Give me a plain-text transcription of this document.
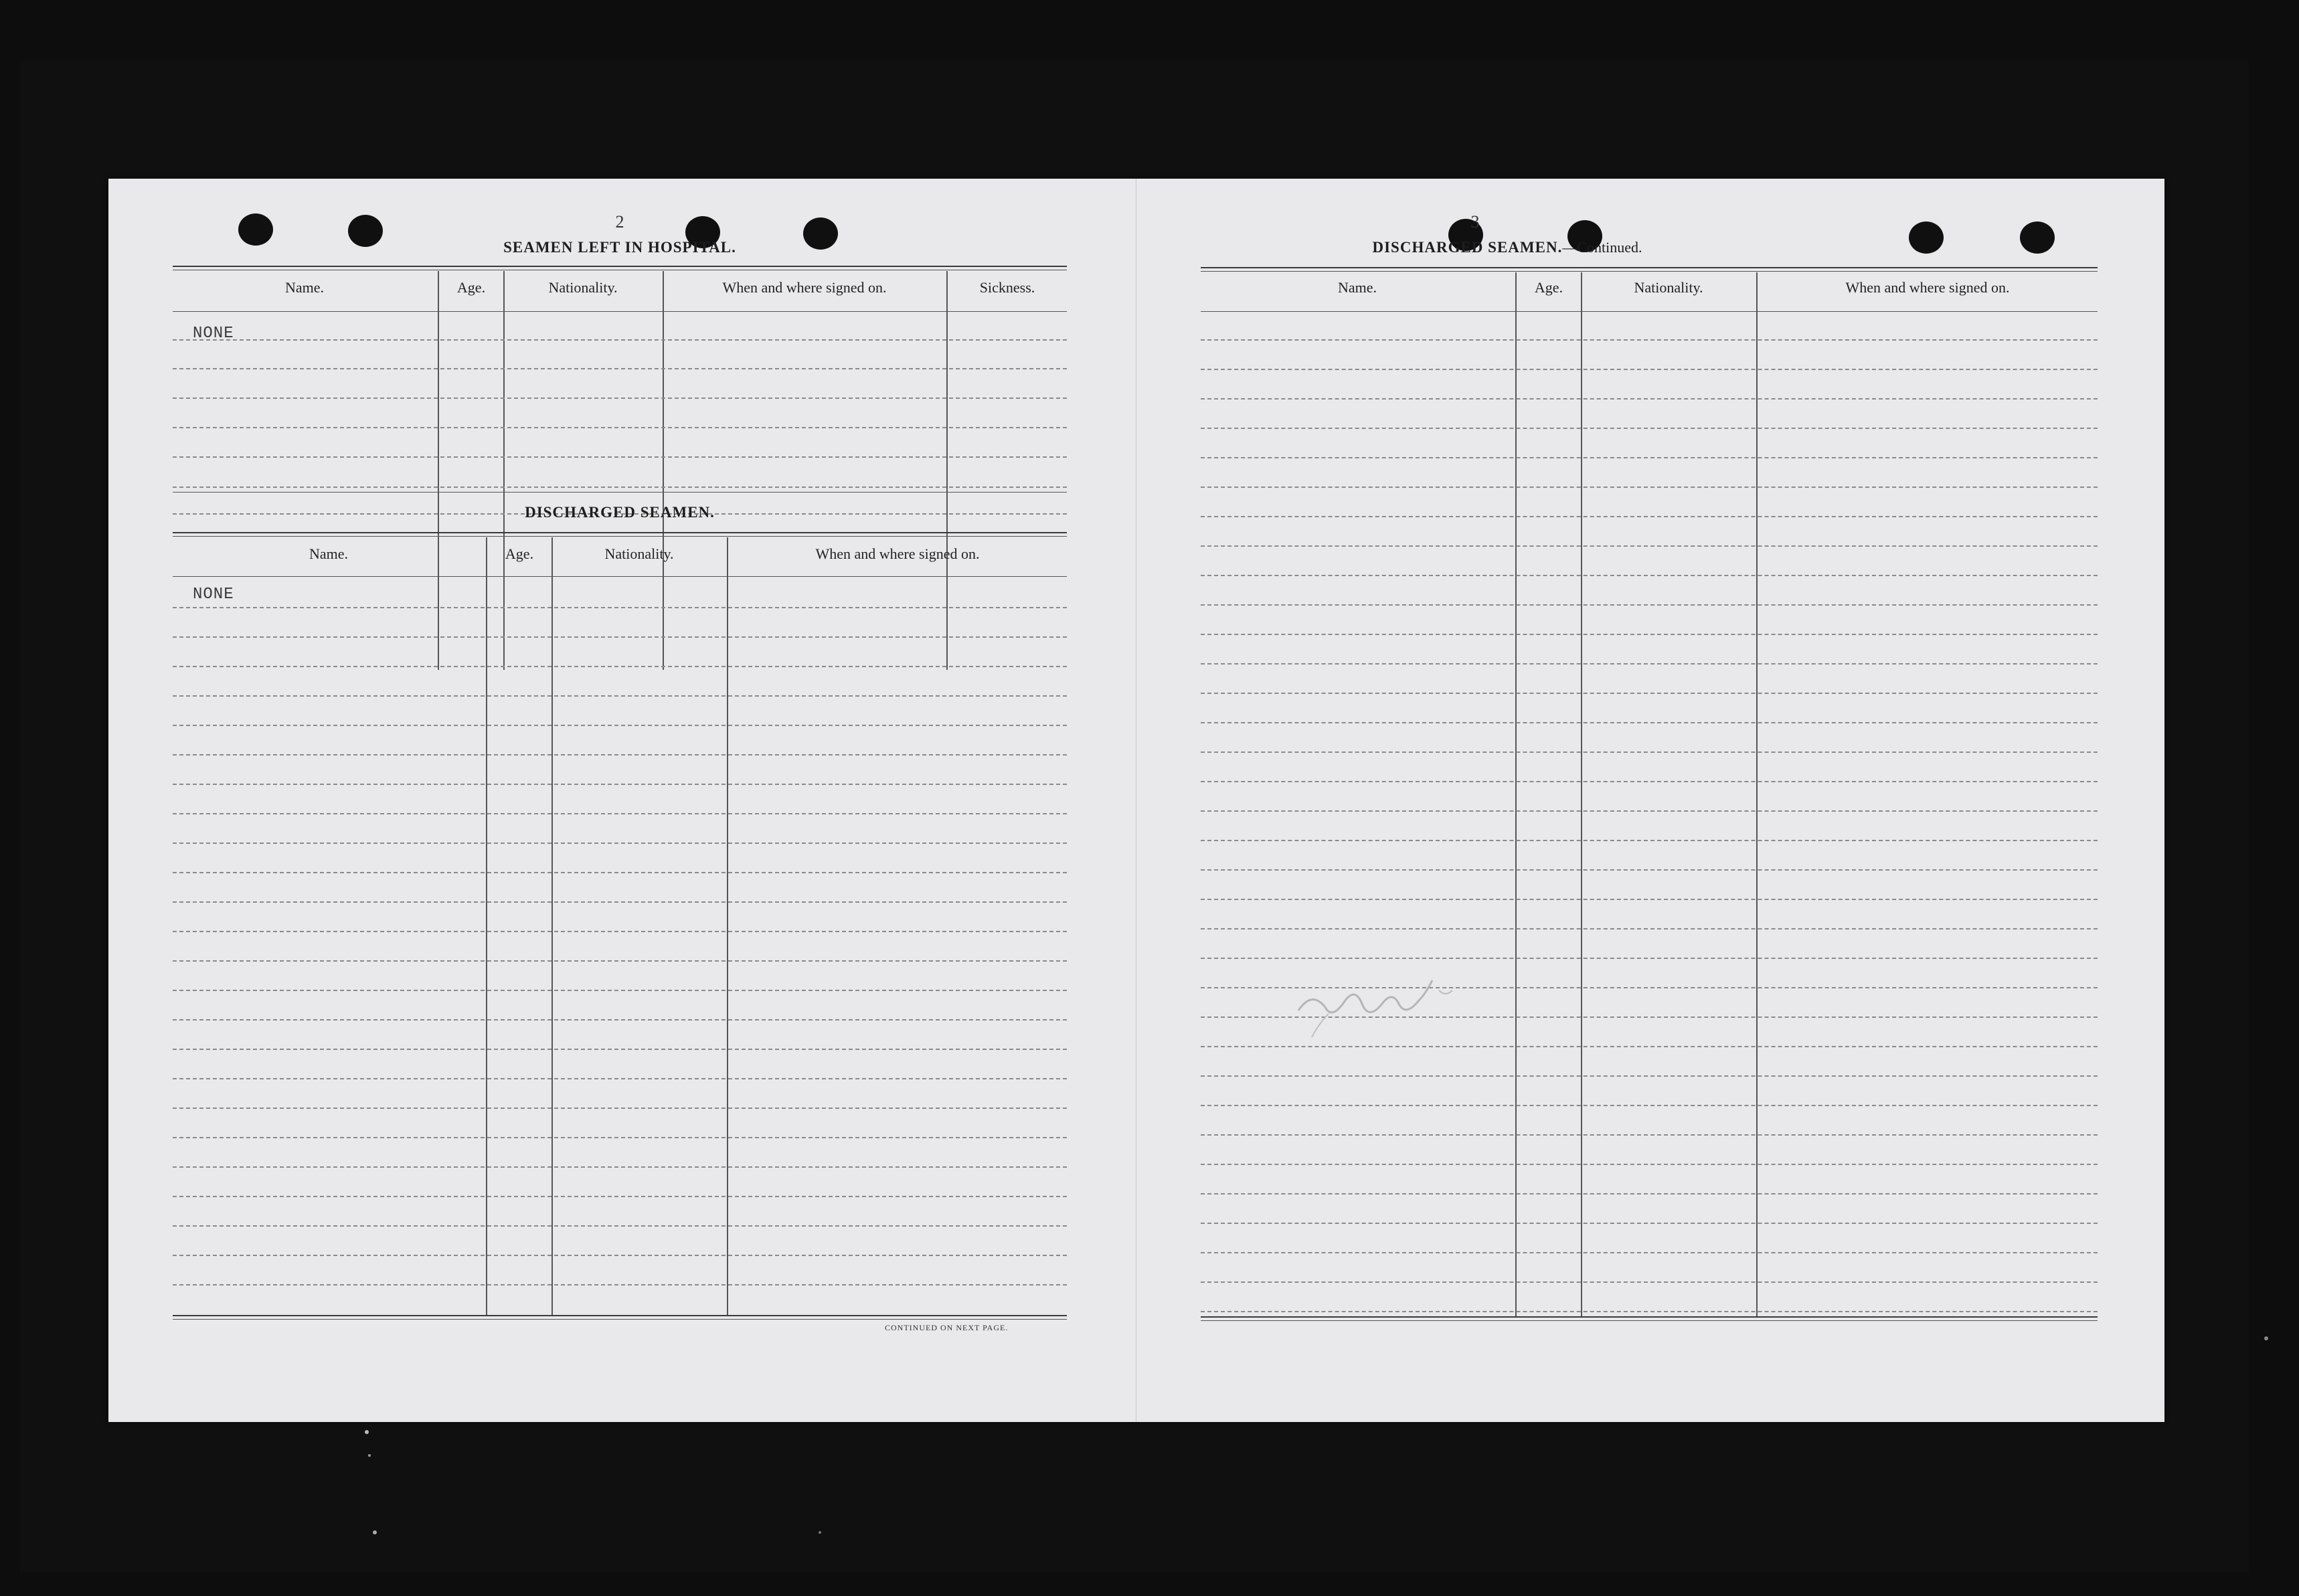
2
SEAMEN LEFT IN HOSPITAL.
Name.	Age.	Nationality.	When and where signed on.	Sickness.
NONE
DISCHARGED SEAMEN.
Name.	Age.	Nationality.	When and where signed on.
NONE
CONTINUED ON NEXT PAGE.
3
DISCHARGED SEAMEN.—Continued.
Name.	Age.	Nationality.	When and where signed on.
